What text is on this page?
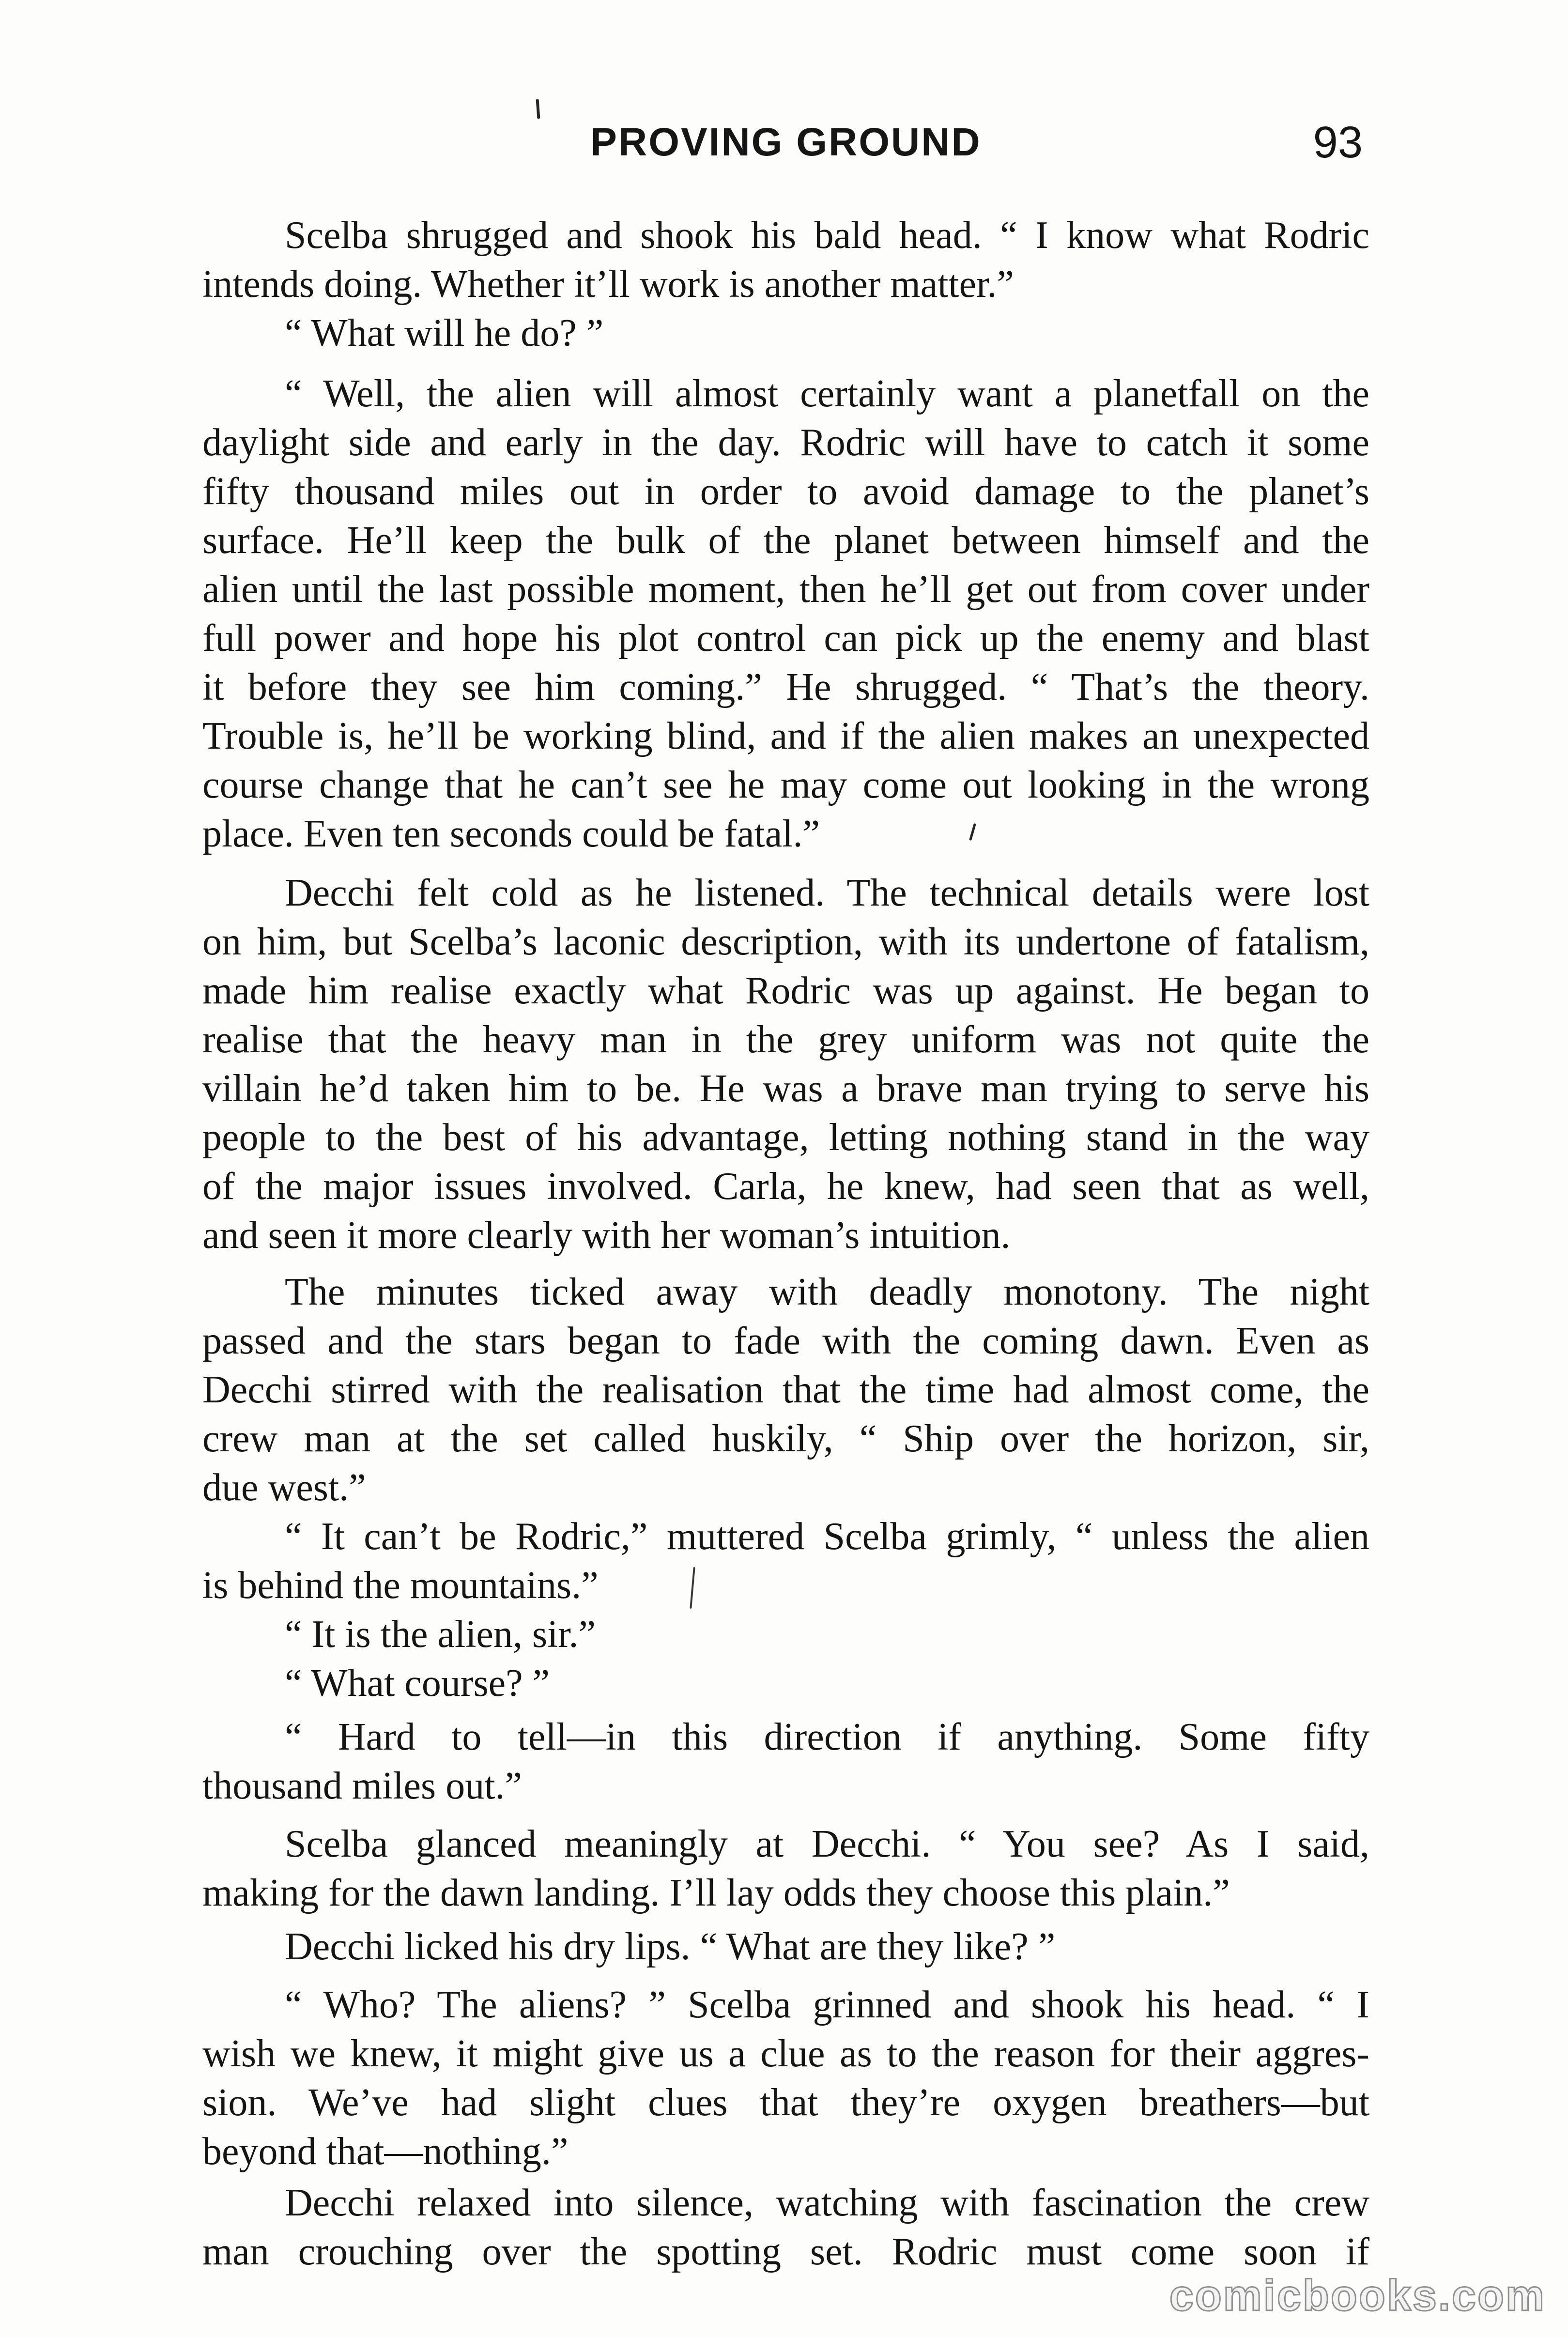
PROVING GROUND	93
Scelba shrugged and shook his bald head. “ I know what Rodric
intends doing. Whether it’ll work is another matter.”
“ What will he do? ”
“ Well, the alien will almost certainly want a planetfall on the
daylight side and early in the day. Rodric will have to catch it some
fifty thousand miles out in order to avoid damage to the planet’s
surface. He’ll keep the bulk of the planet between himself and the
alien until the last possible moment, then he’ll get out from cover under
full power and hope his plot control can pick up the enemy and blast
it before they see him coming.” He shrugged. “ That’s the theory.
Trouble is, he’ll be working blind, and if the alien makes an unexpected
course change that he can’t see he may come out looking in the wrong
place. Even ten seconds could be fatal.”
Decchi felt cold as he listened. The technical details were lost
on him, but Scelba’s laconic description, with its undertone of fatalism,
made him realise exactly what Rodric was up against. He began to
realise that the heavy man in the grey uniform was not quite the
villain he’d taken him to be. He was a brave man trying to serve his
people to the best of his advantage, letting nothing stand in the way
of the major issues involved. Carla, he knew, had seen that as well,
and seen it more clearly with her woman’s intuition.
The minutes ticked away with deadly monotony. The night
passed and the stars began to fade with the coming dawn. Even as
Decchi stirred with the realisation that the time had almost come, the
crew man at the set called huskily, “ Ship over the horizon, sir,
due west.”
“ It can’t be Rodric,” muttered Scelba grimly, “ unless the alien
is behind the mountains.”
“ It is the alien, sir.”
“ What course? ”
“ Hard to tell—in this direction if anything. Some fifty
thousand miles out.”
Scelba glanced meaningly at Decchi. “ You see? As I said,
making for the dawn landing. I’ll lay odds they choose this plain.”
Decchi licked his dry lips. “ What are they like? ”
“ Who? The aliens? ” Scelba grinned and shook his head. “ I
wish we knew, it might give us a clue as to the reason for their aggres-
sion. We’ve had slight clues that they’re oxygen breathers—but
beyond that—nothing.”
Decchi relaxed into silence, watching with fascination the crew
man crouching over the spotting set. Rodric must come soon if
comicbooks.com
